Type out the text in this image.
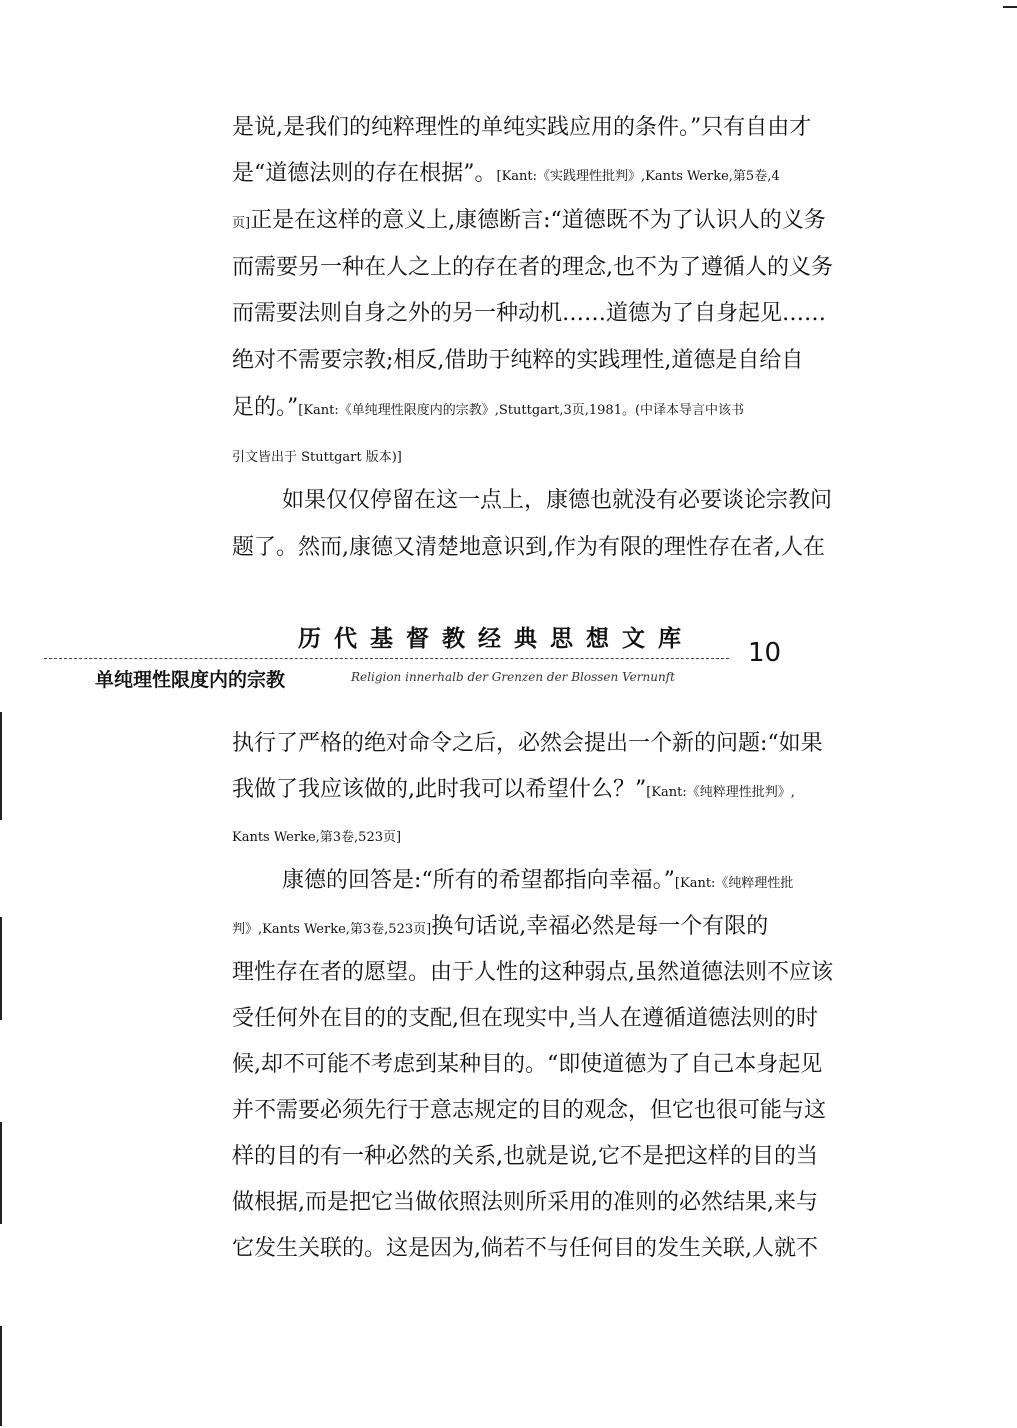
是说,是我们的纯粹理性的单纯实践应用的条件。”只有自由才
是“道德法则的存在根据”。[Kant:《实践理性批判》,Kants Werke,第5卷,4
页]正是在这样的意义上,康德断言:“道德既不为了认识人的义务
而需要另一种在人之上的存在者的理念,也不为了遵循人的义务
而需要法则自身之外的另一种动机……道德为了自身起见……
绝对不需要宗教;相反,借助于纯粹的实践理性,道德是自给自
足的。”[Kant:《单纯理性限度内的宗教》,Stuttgart,3页,1981。(中译本导言中该书
引文皆出于 Stuttgart 版本)]
如果仅仅停留在这一点上，康德也就没有必要谈论宗教问
题了。然而,康德又清楚地意识到,作为有限的理性存在者,人在
历代基督教经典思想文库 10
单纯理性限度内的宗教	Religion innerhalb der Grenzen der Blossen Vernunft
执行了严格的绝对命令之后，必然会提出一个新的问题:“如果
我做了我应该做的,此时我可以希望什么？”[Kant:《纯粹理性批判》,
Kants Werke,第3卷,523页]
康德的回答是:“所有的希望都指向幸福。”[Kant:《纯粹理性批
判》,Kants Werke,第3卷,523页]换句话说,幸福必然是每一个有限的
理性存在者的愿望。由于人性的这种弱点,虽然道德法则不应该
受任何外在目的的支配,但在现实中,当人在遵循道德法则的时
候,却不可能不考虑到某种目的。“即使道德为了自己本身起见
并不需要必须先行于意志规定的目的观念，但它也很可能与这
样的目的有一种必然的关系,也就是说,它不是把这样的目的当
做根据,而是把它当做依照法则所采用的准则的必然结果,来与
它发生关联的。这是因为,倘若不与任何目的发生关联,人就不
